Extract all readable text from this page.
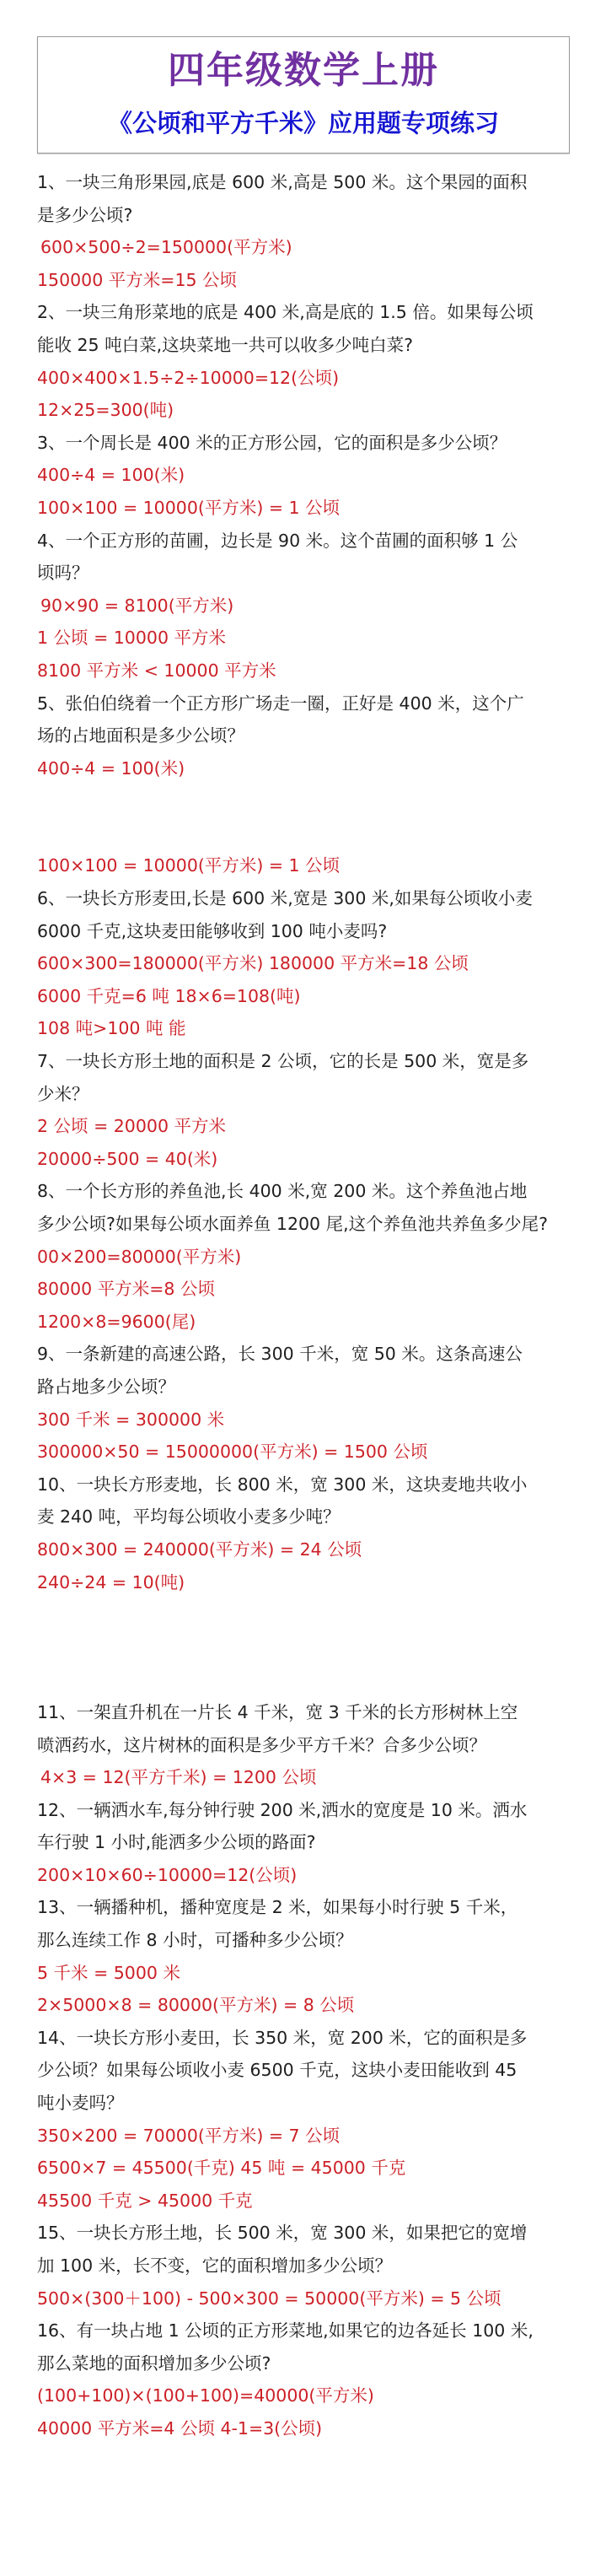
四年级数学上册
《公顷和平方千米》应用题专项练习
1、一块三角形果园,底是 600 米,高是 500 米。这个果园的面积
是多少公顷?
600×500÷2=150000(平方米)
150000 平方米=15 公顷
2、一块三角形菜地的底是 400 米,高是底的 1.5 倍。如果每公顷
能收 25 吨白菜,这块菜地一共可以收多少吨白菜?
400×400×1.5÷2÷10000=12(公顷)
12×25=300(吨)
3、一个周长是 400 米的正方形公园，它的面积是多少公顷？
400÷4 = 100(米)
100×100 = 10000(平方米) = 1 公顷
4、一个正方形的苗圃，边长是 90 米。这个苗圃的面积够 1 公
顷吗？
90×90 = 8100(平方米)
1 公顷 = 10000 平方米
8100 平方米 < 10000 平方米
5、张伯伯绕着一个正方形广场走一圈，正好是 400 米，这个广
场的占地面积是多少公顷？
400÷4 = 100(米)
100×100 = 10000(平方米) = 1 公顷
6、一块长方形麦田,长是 600 米,宽是 300 米,如果每公顷收小麦
6000 千克,这块麦田能够收到 100 吨小麦吗?
600×300=180000(平方米) 180000 平方米=18 公顷
6000 千克=6 吨 18×6=108(吨)
108 吨>100 吨 能
7、一块长方形土地的面积是 2 公顷，它的长是 500 米，宽是多
少米？
2 公顷 = 20000 平方米
20000÷500 = 40(米)
8、一个长方形的养鱼池,长 400 米,宽 200 米。这个养鱼池占地
多少公顷?如果每公顷水面养鱼 1200 尾,这个养鱼池共养鱼多少尾?
00×200=80000(平方米)
80000 平方米=8 公顷
1200×8=9600(尾)
9、一条新建的高速公路，长 300 千米，宽 50 米。这条高速公
路占地多少公顷？
300 千米 = 300000 米
300000×50 = 15000000(平方米) = 1500 公顷
10、一块长方形麦地，长 800 米，宽 300 米，这块麦地共收小
麦 240 吨，平均每公顷收小麦多少吨？
800×300 = 240000(平方米) = 24 公顷
240÷24 = 10(吨)
11、一架直升机在一片长 4 千米，宽 3 千米的长方形树林上空
喷洒药水，这片树林的面积是多少平方千米？合多少公顷？
4×3 = 12(平方千米) = 1200 公顷
12、一辆洒水车,每分钟行驶 200 米,洒水的宽度是 10 米。洒水
车行驶 1 小时,能洒多少公顷的路面?
200×10×60÷10000=12(公顷)
13、一辆播种机，播种宽度是 2 米，如果每小时行驶 5 千米，
那么连续工作 8 小时，可播种多少公顷？
5 千米 = 5000 米
2×5000×8 = 80000(平方米) = 8 公顷
14、一块长方形小麦田，长 350 米，宽 200 米，它的面积是多
少公顷？如果每公顷收小麦 6500 千克，这块小麦田能收到 45
吨小麦吗？
350×200 = 70000(平方米) = 7 公顷
6500×7 = 45500(千克) 45 吨 = 45000 千克
45500 千克 > 45000 千克
15、一块长方形土地，长 500 米，宽 300 米，如果把它的宽增
加 100 米，长不变，它的面积增加多少公顷？
500×(300＋100) - 500×300 = 50000(平方米) = 5 公顷
16、有一块占地 1 公顷的正方形菜地,如果它的边各延长 100 米,
那么菜地的面积增加多少公顷?
(100+100)×(100+100)=40000(平方米)
40000 平方米=4 公顷 4-1=3(公顷)
